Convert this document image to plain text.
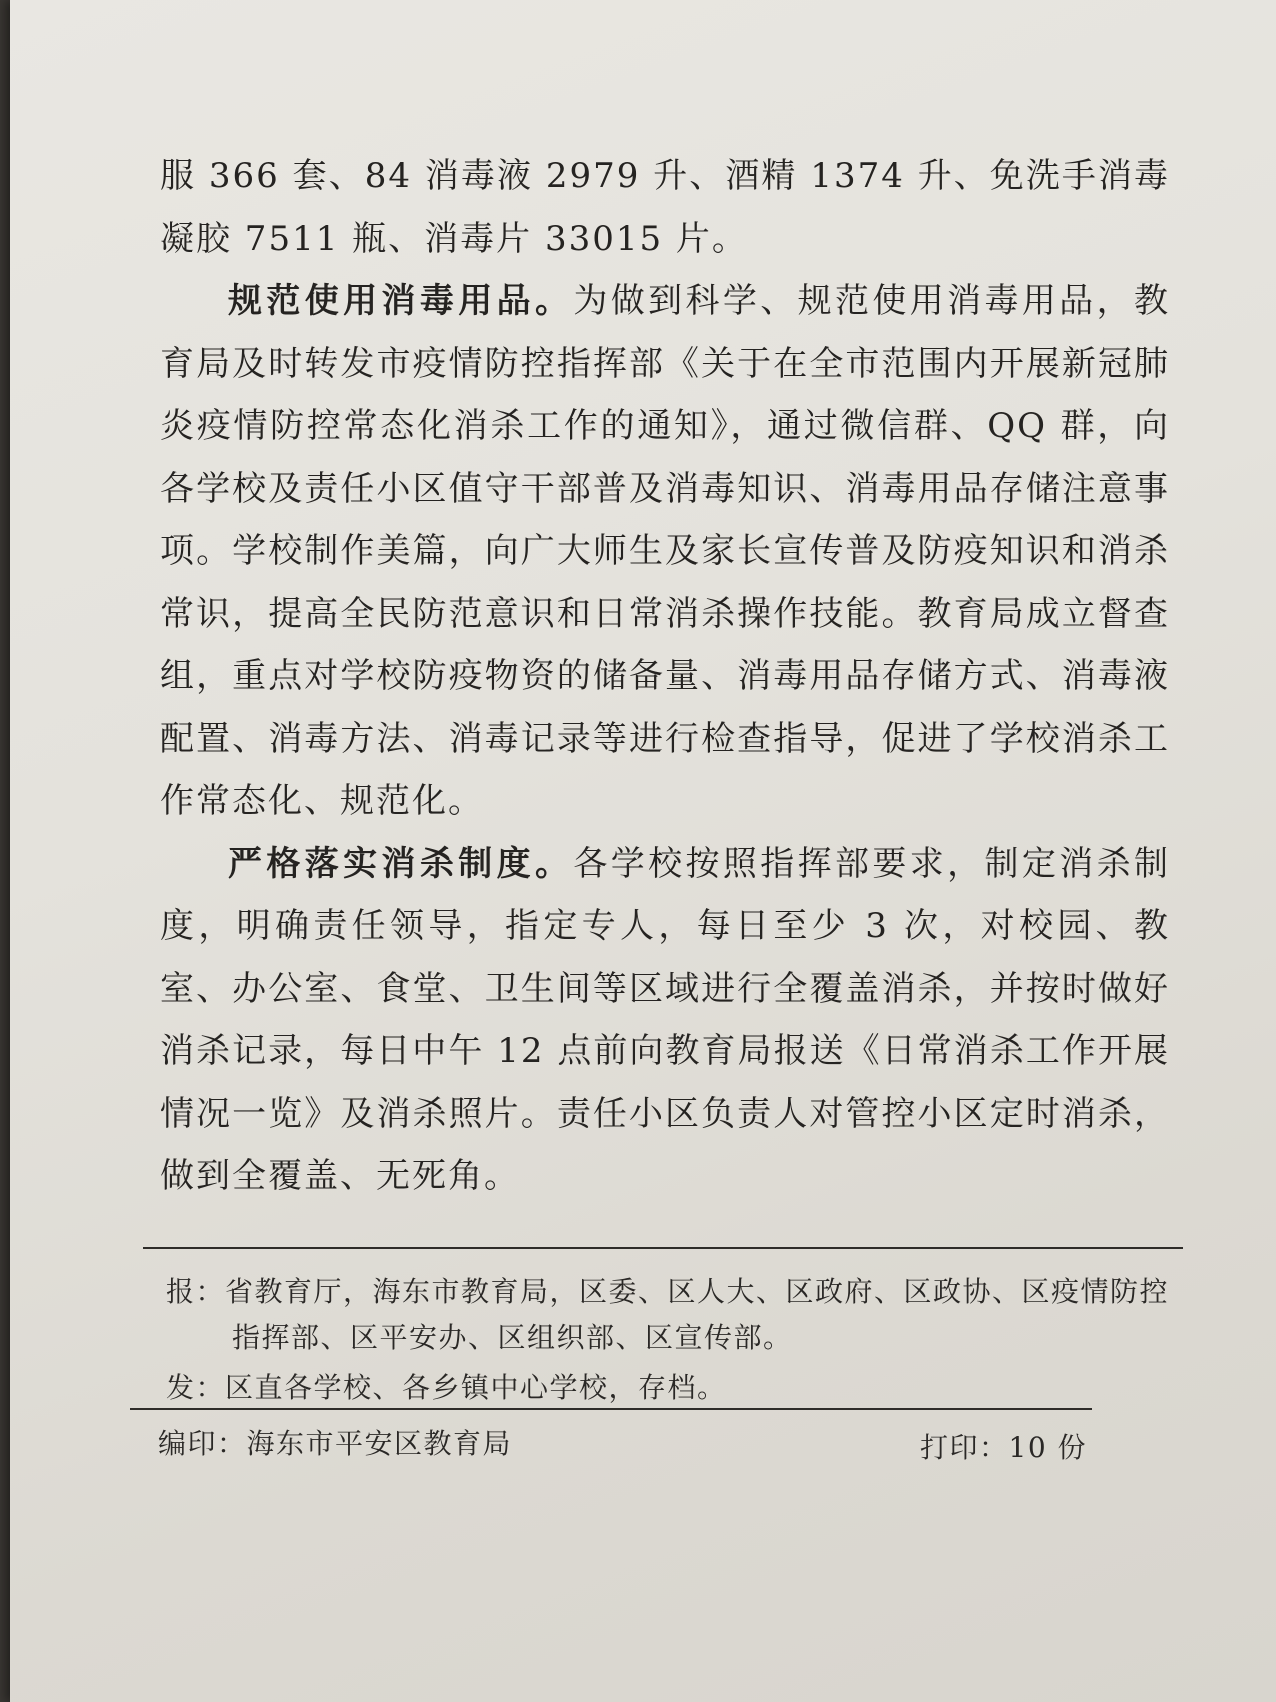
服 366 套、84 消毒液 2979 升、酒精 1374 升、免洗手消毒凝胶 7511 瓶、消毒片 33015 片。

规范使用消毒用品。为做到科学、规范使用消毒用品，教育局及时转发市疫情防控指挥部《关于在全市范围内开展新冠肺炎疫情防控常态化消杀工作的通知》，通过微信群、QQ 群，向各学校及责任小区值守干部普及消毒知识、消毒用品存储注意事项。学校制作美篇，向广大师生及家长宣传普及防疫知识和消杀常识，提高全民防范意识和日常消杀操作技能。教育局成立督查组，重点对学校防疫物资的储备量、消毒用品存储方式、消毒液配置、消毒方法、消毒记录等进行检查指导，促进了学校消杀工作常态化、规范化。

严格落实消杀制度。各学校按照指挥部要求，制定消杀制度，明确责任领导，指定专人，每日至少 3 次，对校园、教室、办公室、食堂、卫生间等区域进行全覆盖消杀，并按时做好消杀记录，每日中午 12 点前向教育局报送《日常消杀工作开展情况一览》及消杀照片。责任小区负责人对管控小区定时消杀，做到全覆盖、无死角。

报：省教育厅，海东市教育局，区委、区人大、区政府、区政协、区疫情防控
指挥部、区平安办、区组织部、区宣传部。
发：区直各学校、各乡镇中心学校，存档。
编印：海东市平安区教育局	打印：10 份
